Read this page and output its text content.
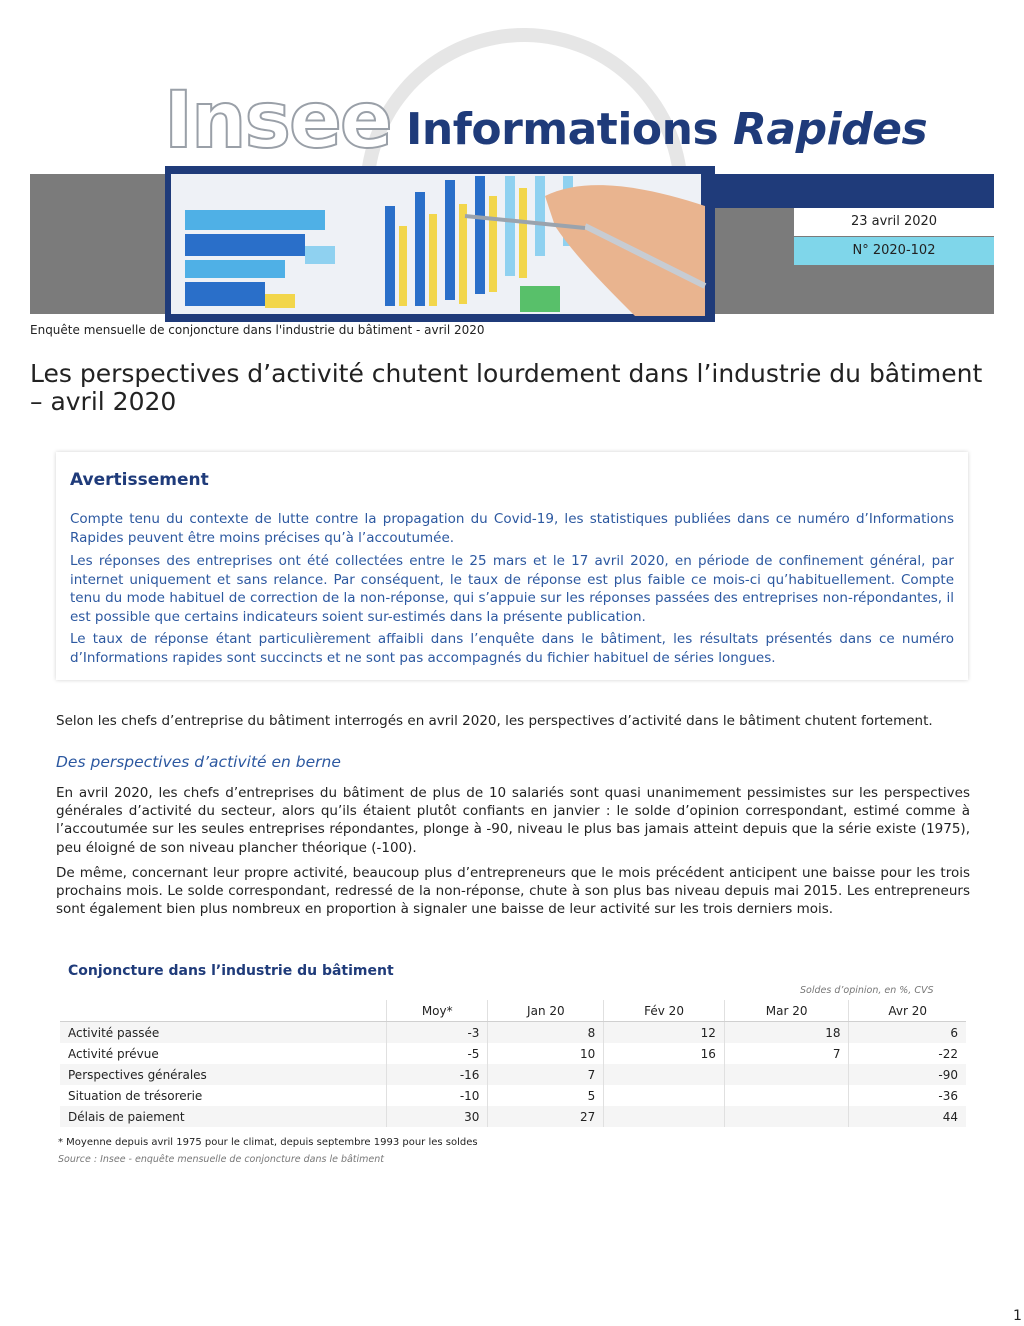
Insee Informations Rapides
23 avril 2020
N° 2020-102
Enquête mensuelle de conjoncture dans l'industrie du bâtiment - avril 2020
Les perspectives d’activité chutent lourdement dans l’industrie du bâtiment – avril 2020
Avertissement

Compte tenu du contexte de lutte contre la propagation du Covid-19, les statistiques publiées dans ce numéro d’Informations Rapides peuvent être moins précises qu’à l’accoutumée.

Les réponses des entreprises ont été collectées entre le 25 mars et le 17 avril 2020, en période de confinement général, par internet uniquement et sans relance. Par conséquent, le taux de réponse est plus faible ce mois-ci qu’habituellement. Compte tenu du mode habituel de correction de la non-réponse, qui s’appuie sur les réponses passées des entreprises non-répondantes, il est possible que certains indicateurs soient sur-estimés dans la présente publication.

Le taux de réponse étant particulièrement affaibli dans l’enquête dans le bâtiment, les résultats présentés dans ce numéro d’Informations rapides sont succincts et ne sont pas accompagnés du fichier habituel de séries longues.

Selon les chefs d’entreprise du bâtiment interrogés en avril 2020, les perspectives d’activité dans le bâtiment chutent fortement.
Des perspectives d’activité en berne

En avril 2020, les chefs d’entreprises du bâtiment de plus de 10 salariés sont quasi unanimement pessimistes sur les perspectives générales d’activité du secteur, alors qu’ils étaient plutôt confiants en janvier : le solde d’opinion correspondant, estimé comme à l’accoutumée sur les seules entreprises répondantes, plonge à -90, niveau le plus bas jamais atteint depuis que la série existe (1975), peu éloigné de son niveau plancher théorique (-100).

De même, concernant leur propre activité, beaucoup plus d’entrepreneurs que le mois précédent anticipent une baisse pour les trois prochains mois. Le solde correspondant, redressé de la non-réponse, chute à son plus bas niveau depuis mai 2015. Les entrepreneurs sont également bien plus nombreux en proportion à signaler une baisse de leur activité sur les trois derniers mois.

Conjoncture dans l’industrie du bâtiment
Soldes d’opinion, en %, CVS
	Moy*	Jan 20	Fév 20	Mar 20	Avr 20
Activité passée	-3	8	12	18	6
Activité prévue	-5	10	16	7	-22
Perspectives générales	-16	7			-90
Situation de trésorerie	-10	5			-36
Délais de paiement	30	27			44
* Moyenne depuis avril 1975 pour le climat, depuis septembre 1993 pour les soldes
Source : Insee - enquête mensuelle de conjoncture dans le bâtiment
1
